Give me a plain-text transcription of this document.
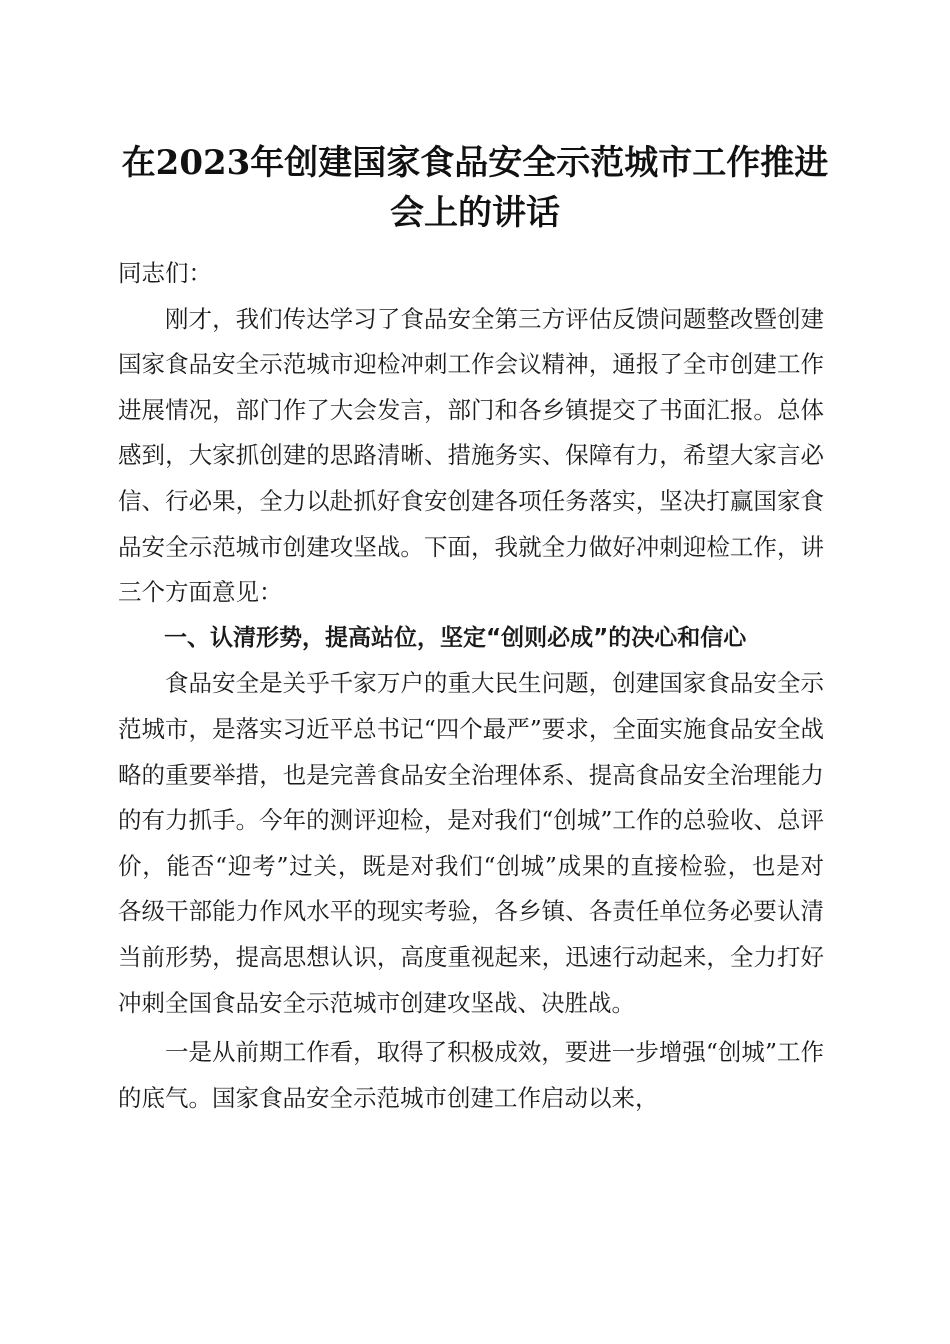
在2023年创建国家食品安全示范城市工作推进会上的讲话

同志们：

刚才，我们传达学习了食品安全第三方评估反馈问题整改暨创建国家食品安全示范城市迎检冲刺工作会议精神，通报了全市创建工作进展情况，部门作了大会发言，部门和各乡镇提交了书面汇报。总体感到，大家抓创建的思路清晰、措施务实、保障有力，希望大家言必信、行必果，全力以赴抓好食安创建各项任务落实，坚决打赢国家食品安全示范城市创建攻坚战。下面，我就全力做好冲刺迎检工作，讲三个方面意见：

一、认清形势，提高站位，坚定“创则必成”的决心和信心

食品安全是关乎千家万户的重大民生问题，创建国家食品安全示范城市，是落实习近平总书记“四个最严”要求，全面实施食品安全战略的重要举措，也是完善食品安全治理体系、提高食品安全治理能力的有力抓手。今年的测评迎检，是对我们“创城”工作的总验收、总评价，能否“迎考”过关，既是对我们“创城”成果的直接检验，也是对各级干部能力作风水平的现实考验，各乡镇、各责任单位务必要认清当前形势，提高思想认识，高度重视起来，迅速行动起来，全力打好冲刺全国食品安全示范城市创建攻坚战、决胜战。

一是从前期工作看，取得了积极成效，要进一步增强“创城”工作的底气。国家食品安全示范城市创建工作启动以来，
